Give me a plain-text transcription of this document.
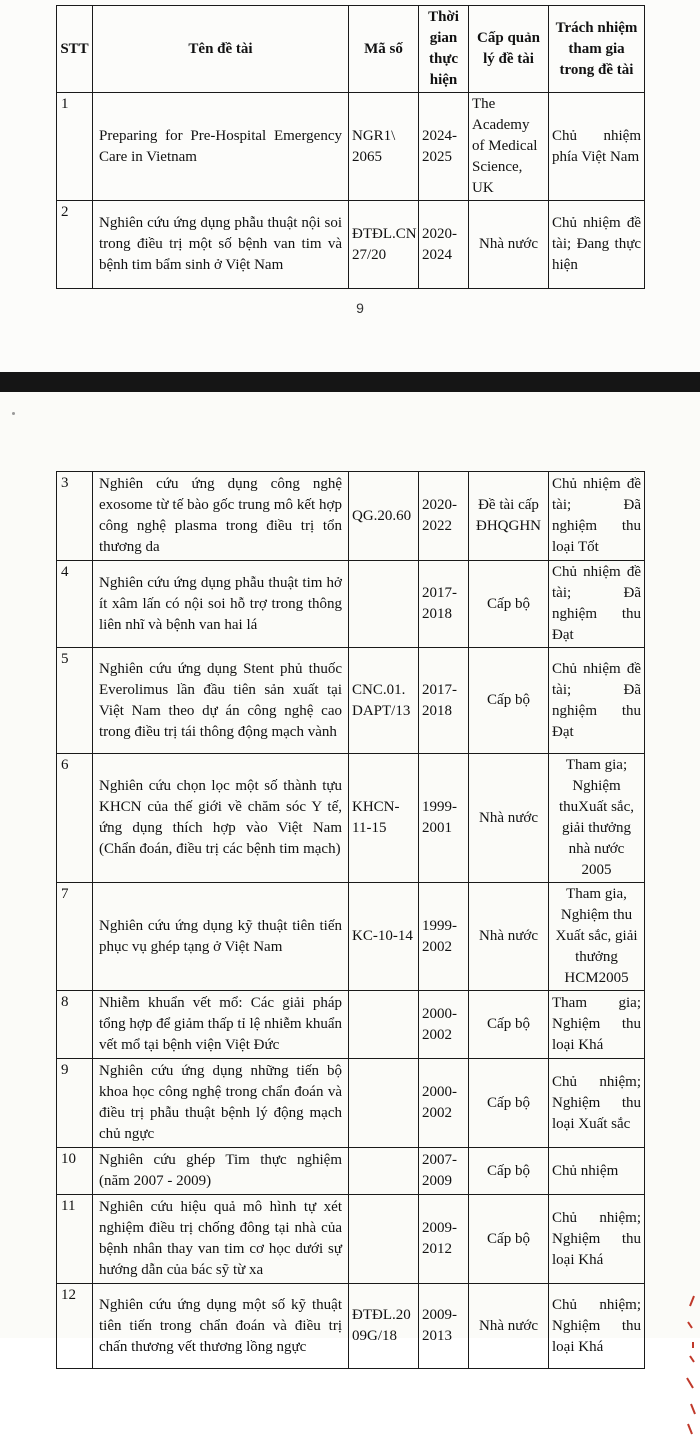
STT	Tên đề tài	Mã số	Thời gian thực hiện	Cấp quản lý đề tài	Trách nhiệm tham gia trong đề tài
1	Preparing for Pre-Hospital Emergency Care in Vietnam	NGR1\ 2065	2024-2025	The Academy of Medical Science, UK	Chủ nhiệm phía Việt Nam
2	Nghiên cứu ứng dụng phẫu thuật nội soi trong điều trị một số bệnh van tim và bệnh tim bẩm sinh ở Việt Nam	ĐTĐL.CN 27/20	2020-2024	Nhà nước	Chủ nhiệm đề tài; Đang thực hiện
9
3	Nghiên cứu ứng dụng công nghệ exosome từ tế bào gốc trung mô kết hợp công nghệ plasma trong điều trị tổn thương da	QG.20.60	2020-2022	Đề tài cấp ĐHQGHN	Chủ nhiệm đề tài; Đã nghiệm thu loại Tốt
4	Nghiên cứu ứng dụng phẫu thuật tim hở ít xâm lấn có nội soi hỗ trợ trong thông liên nhĩ và bệnh van hai lá		2017-2018	Cấp bộ	Chủ nhiệm đề tài; Đã nghiệm thu Đạt
5	Nghiên cứu ứng dụng Stent phủ thuốc Everolimus lần đầu tiên sản xuất tại Việt Nam theo dự án công nghệ cao trong điều trị tái thông động mạch vành	CNC.01. DAPT/13	2017-2018	Cấp bộ	Chủ nhiệm đề tài; Đã nghiệm thu Đạt
6	Nghiên cứu chọn lọc một số thành tựu KHCN của thế giới về chăm sóc Y tế, ứng dụng thích hợp vào Việt Nam (Chẩn đoán, điều trị các bệnh tim mạch)	KHCN-11-15	1999-2001	Nhà nước	Tham gia; Nghiệm thuXuất sắc, giải thưởng nhà nước 2005
7	Nghiên cứu ứng dụng kỹ thuật tiên tiến phục vụ ghép tạng ở Việt Nam	KC-10-14	1999-2002	Nhà nước	Tham gia, Nghiệm thu Xuất sắc, giải thưởng HCM2005
8	Nhiễm khuẩn vết mổ: Các giải pháp tổng hợp để giảm thấp tỉ lệ nhiễm khuẩn vết mổ tại bệnh viện Việt Đức		2000-2002	Cấp bộ	Tham gia; Nghiệm thu loại Khá
9	Nghiên cứu ứng dụng những tiến bộ khoa học công nghệ trong chẩn đoán và điều trị phẫu thuật bệnh lý động mạch chủ ngực		2000-2002	Cấp bộ	Chủ nhiệm; Nghiệm thu loại Xuất sắc
10	Nghiên cứu ghép Tim thực nghiệm (năm 2007 - 2009)		2007-2009	Cấp bộ	Chủ nhiệm
11	Nghiên cứu hiệu quả mô hình tự xét nghiệm điều trị chống đông tại nhà của bệnh nhân thay van tim cơ học dưới sự hướng dẫn của bác sỹ từ xa		2009-2012	Cấp bộ	Chủ nhiệm; Nghiệm thu loại Khá
12	Nghiên cứu ứng dụng một số kỹ thuật tiên tiến trong chẩn đoán và điều trị chấn thương vết thương lồng ngực	ĐTĐL.20 09G/18	2009-2013	Nhà nước	Chủ nhiệm; Nghiệm thu loại Khá
